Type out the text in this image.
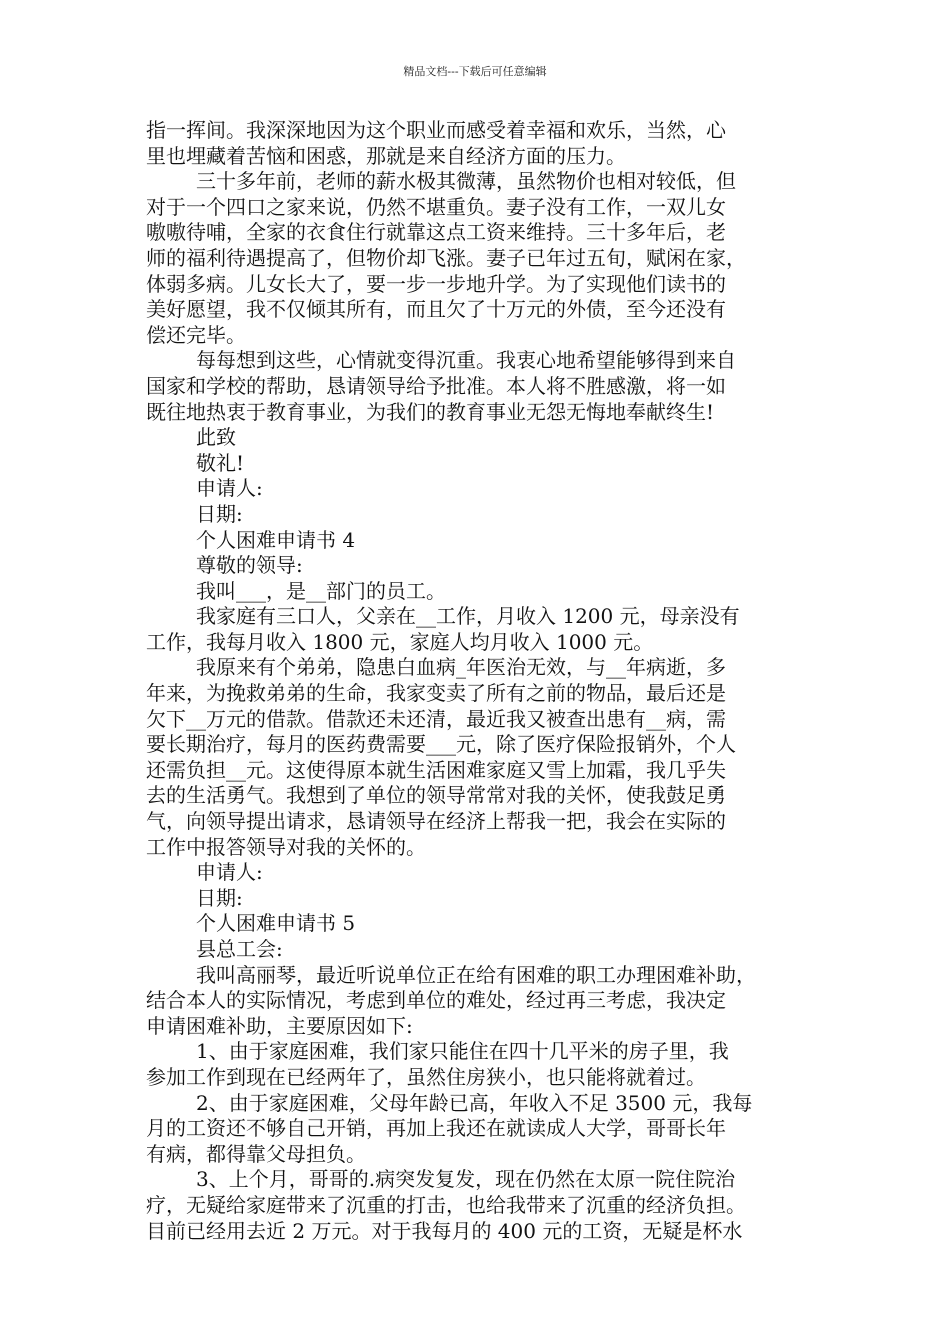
精品文档---下载后可任意编辑
指一挥间。我深深地因为这个职业而感受着幸福和欢乐，当然，心
里也埋藏着苦恼和困惑，那就是来自经济方面的压力。
三十多年前，老师的薪水极其微薄，虽然物价也相对较低，但
对于一个四口之家来说，仍然不堪重负。妻子没有工作，一双儿女
嗷嗷待哺，全家的衣食住行就靠这点工资来维持。三十多年后，老
师的福利待遇提高了，但物价却飞涨。妻子已年过五旬，赋闲在家，
体弱多病。儿女长大了，要一步一步地升学。为了实现他们读书的
美好愿望，我不仅倾其所有，而且欠了十万元的外债，至今还没有
偿还完毕。
每每想到这些，心情就变得沉重。我衷心地希望能够得到来自
国家和学校的帮助，恳请领导给予批准。本人将不胜感激，将一如
既往地热衷于教育事业，为我们的教育事业无怨无悔地奉献终生!
此致
敬礼!
申请人:
日期:
个人困难申请书 4
尊敬的领导:
我叫___，是__部门的员工。
我家庭有三口人，父亲在__工作，月收入 1200 元，母亲没有
工作，我每月收入 1800 元，家庭人均月收入 1000 元。
我原来有个弟弟，隐患白血病_年医治无效，与__年病逝，多
年来，为挽救弟弟的生命，我家变卖了所有之前的物品，最后还是
欠下__万元的借款。借款还未还清，最近我又被查出患有__病，需
要长期治疗，每月的医药费需要___元，除了医疗保险报销外，个人
还需负担__元。这使得原本就生活困难家庭又雪上加霜，我几乎失
去的生活勇气。我想到了单位的领导常常对我的关怀，使我鼓足勇
气，向领导提出请求，恳请领导在经济上帮我一把，我会在实际的
工作中报答领导对我的关怀的。
申请人:
日期:
个人困难申请书 5
县总工会:
我叫高丽琴，最近听说单位正在给有困难的职工办理困难补助，
结合本人的实际情况，考虑到单位的难处，经过再三考虑，我决定
申请困难补助，主要原因如下:
1、由于家庭困难，我们家只能住在四十几平米的房子里，我
参加工作到现在已经两年了，虽然住房狭小，也只能将就着过。
2、由于家庭困难，父母年龄已高，年收入不足 3500 元，我每
月的工资还不够自己开销，再加上我还在就读成人大学，哥哥长年
有病，都得靠父母担负。
3、上个月，哥哥的.病突发复发，现在仍然在太原一院住院治
疗，无疑给家庭带来了沉重的打击，也给我带来了沉重的经济负担。
目前已经用去近 2 万元。对于我每月的 400 元的工资，无疑是杯水
